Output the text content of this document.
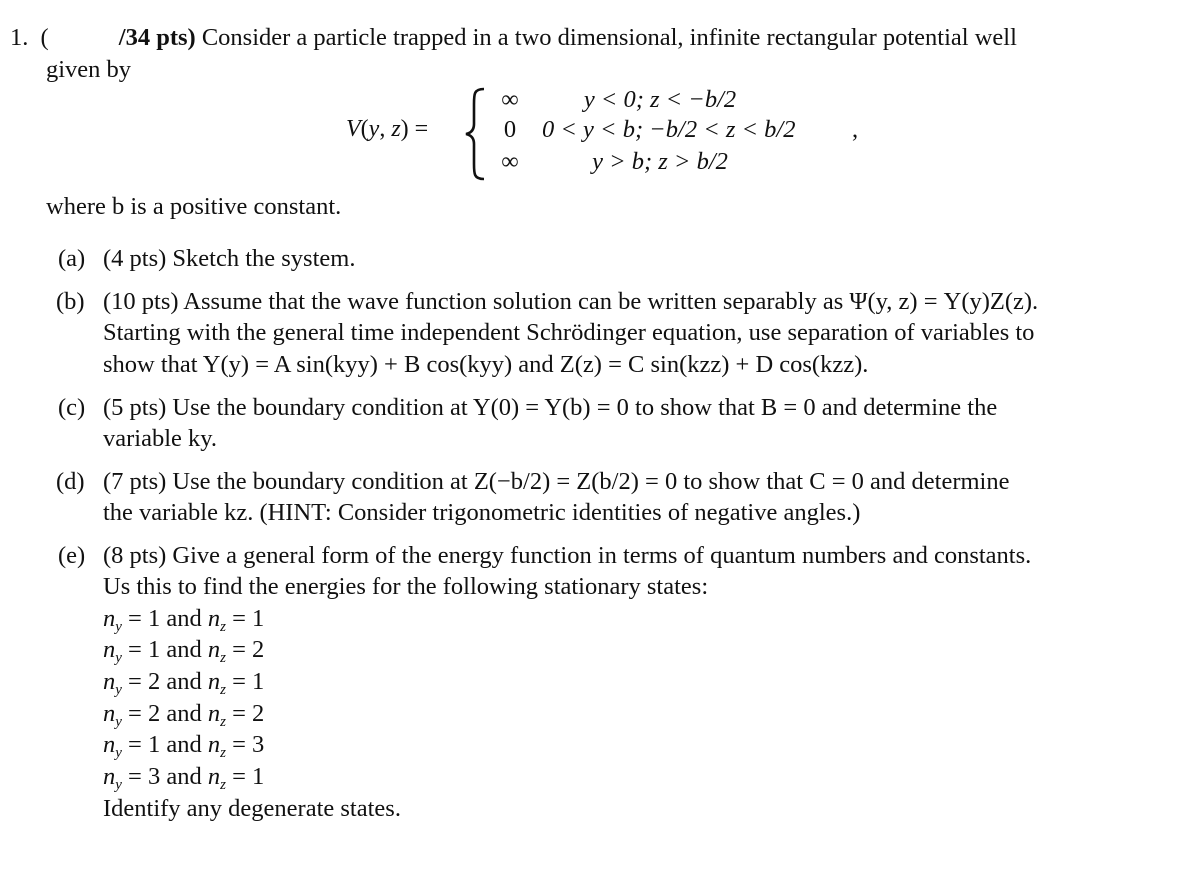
1. (	/34 pts) Consider a particle trapped in a two dimensional, infinite rectangular potential well
given by
V(y, z) =
∞
0
∞
y < 0; z < −b/2
0 < y < b; −b/2 < z < b/2
y > b; z > b/2
,
where b is a positive constant.
(a) (4 pts) Sketch the system.
(b) (10 pts) Assume that the wave function solution can be written separably as Ψ(y, z) = Y(y)Z(z).
Starting with the general time independent Schrödinger equation, use separation of variables to
show that Y(y) = A sin(kyy) + B cos(kyy) and Z(z) = C sin(kzz) + D cos(kzz).
(c) (5 pts) Use the boundary condition at Y(0) = Y(b) = 0 to show that B = 0 and determine the
variable ky.
(d) (7 pts) Use the boundary condition at Z(−b/2) = Z(b/2) = 0 to show that C = 0 and determine
the variable kz. (HINT: Consider trigonometric identities of negative angles.)
(e) (8 pts) Give a general form of the energy function in terms of quantum numbers and constants.
Us this to find the energies for the following stationary states:
$n_y = 1$ and $n_z = 1$
$n_y = 1$ and $n_z = 2$
$n_y = 2$ and $n_z = 1$
$n_y = 2$ and $n_z = 2$
$n_y = 1$ and $n_z = 3$
$n_y = 3$ and $n_z = 1$
Identify any degenerate states.
